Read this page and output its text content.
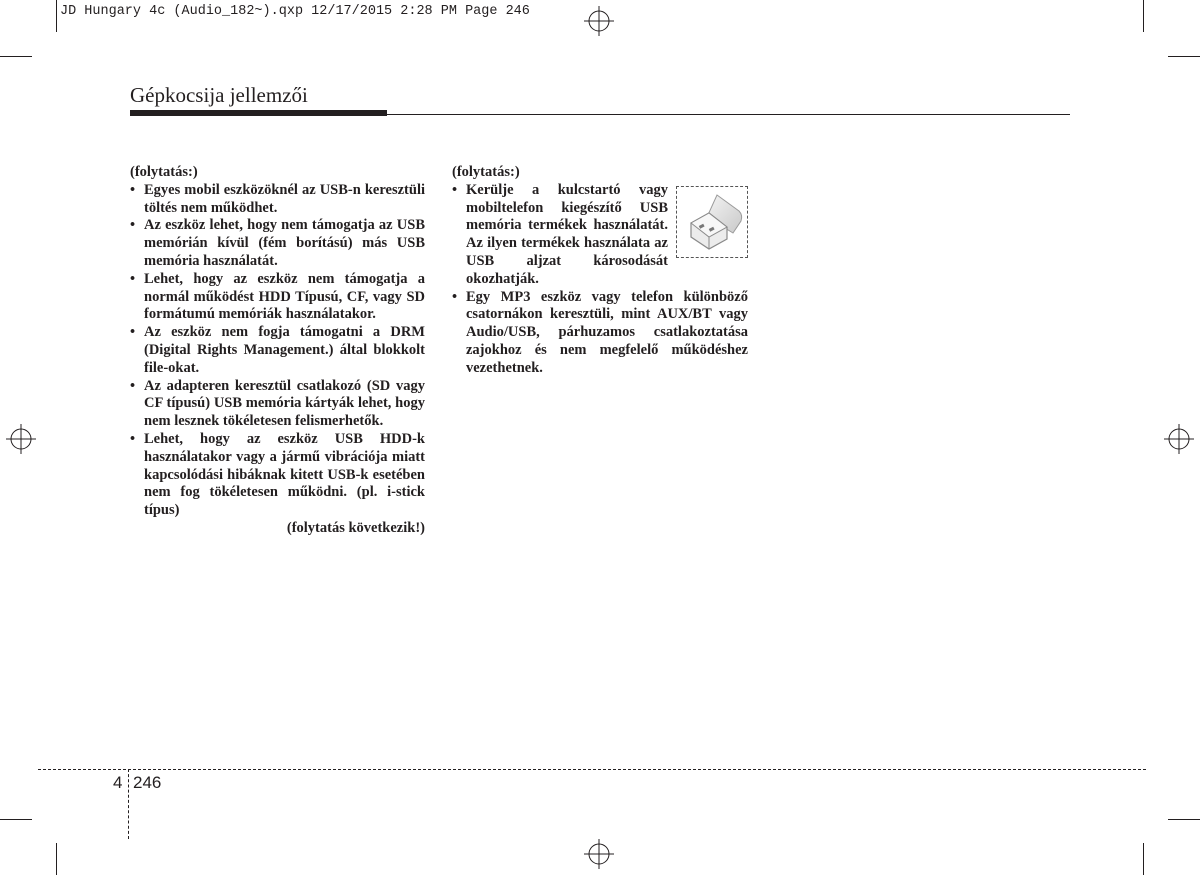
JD Hungary 4c (Audio_182~).qxp 12/17/2015 2:28 PM Page 246
Gépkocsija jellemzői

(folytatás:)

• Egyes mobil eszközöknél az USB-n keresztüli töltés nem működhet.
• Az eszköz lehet, hogy nem támogatja az USB memórián kívül (fém borítású) más USB memória használatát.
• Lehet, hogy az eszköz nem támogatja a normál működést HDD Típusú, CF, vagy SD formátumú memóriák használatakor.
• Az eszköz nem fogja támogatni a DRM (Digital Rights Management.) által blokkolt file-okat.
• Az adapteren keresztül csatlakozó (SD vagy CF típusú) USB memória kártyák lehet, hogy nem lesznek tökéletesen felismerhetők.
• Lehet, hogy az eszköz USB HDD-k használatakor vagy a jármű vibrációja miatt kapcsolódási hibáknak kitett USB-k esetében nem fog tökéletesen működni. (pl. i-stick típus)

(folytatás következik!)

(folytatás:)

• Kerülje a kulcstartó vagy mobiltelefon kiegészítő USB memória termékek használatát. Az ilyen termékek használata az USB aljzat károsodását okozhatják.
• Egy MP3 eszköz vagy telefon különböző csatornákon keresztüli, mint AUX/BT vagy Audio/USB, párhuzamos csatlakoztatása zajokhoz és nem megfelelő működéshez vezethetnek.
4 246
